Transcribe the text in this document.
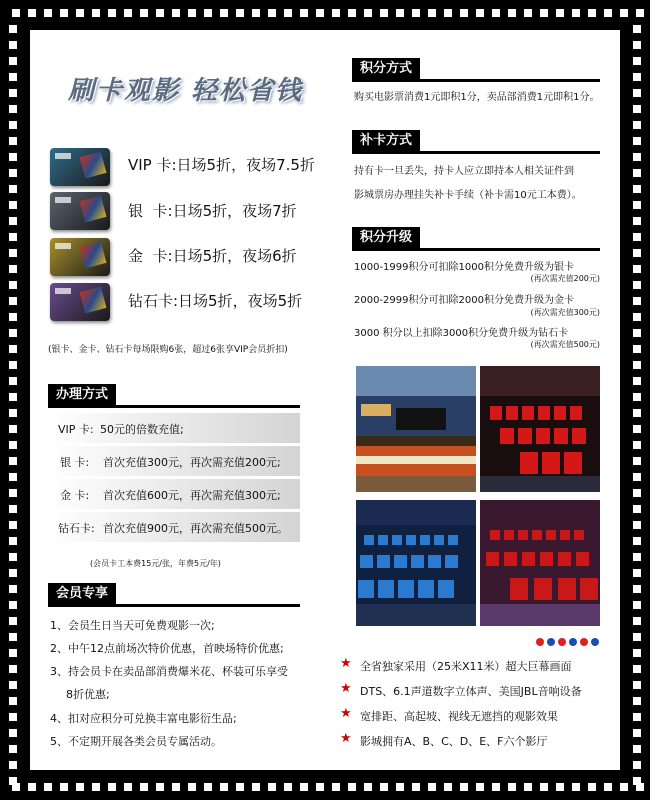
刷卡观影 轻松省钱
VIP 卡:日场5折，夜场7.5折
银  卡:日场5折，夜场7折
金  卡:日场5折，夜场6折
钻石卡:日场5折，夜场5折
(银卡、金卡、钻石卡每场限购6张，超过6张享VIP会员折扣)
办理方式
VIP 卡: 50元的倍数充值;
银 卡: 首次充值300元，再次需充值200元;
金 卡: 首次充值600元，再次需充值300元;
钻石卡: 首次充值900元，再次需充值500元。
(会员卡工本费15元/张，年费5元/年)
会员专享
1、会员生日当天可免费观影一次;
2、中午12点前场次特价优惠，首映场特价优惠;
3、持会员卡在卖品部消费爆米花、杯装可乐享受
8折优惠;
4、扣对应积分可兑换丰富电影衍生品;
5、不定期开展各类会员专属活动。
积分方式
购买电影票消费1元即积1分，卖品部消费1元即积1分。
补卡方式
持有卡一旦丢失，持卡人应立即持本人相关证件到
影城票房办理挂失补卡手续（补卡需10元工本费）。
积分升级
1000-1999积分可扣除1000积分免费升级为银卡
(再次需充值200元)
2000-2999积分可扣除2000积分免费升级为金卡
(再次需充值300元)
3000 积分以上扣除3000积分免费升级为钻石卡
(再次需充值500元)
★ 全省独家采用（25米X11米）超大巨幕画面
★ DTS、6.1声道数字立体声、美国JBL音响设备
★ 宽排距、高起坡、视线无遮挡的观影效果
★ 影城拥有A、B、C、D、E、F六个影厅
